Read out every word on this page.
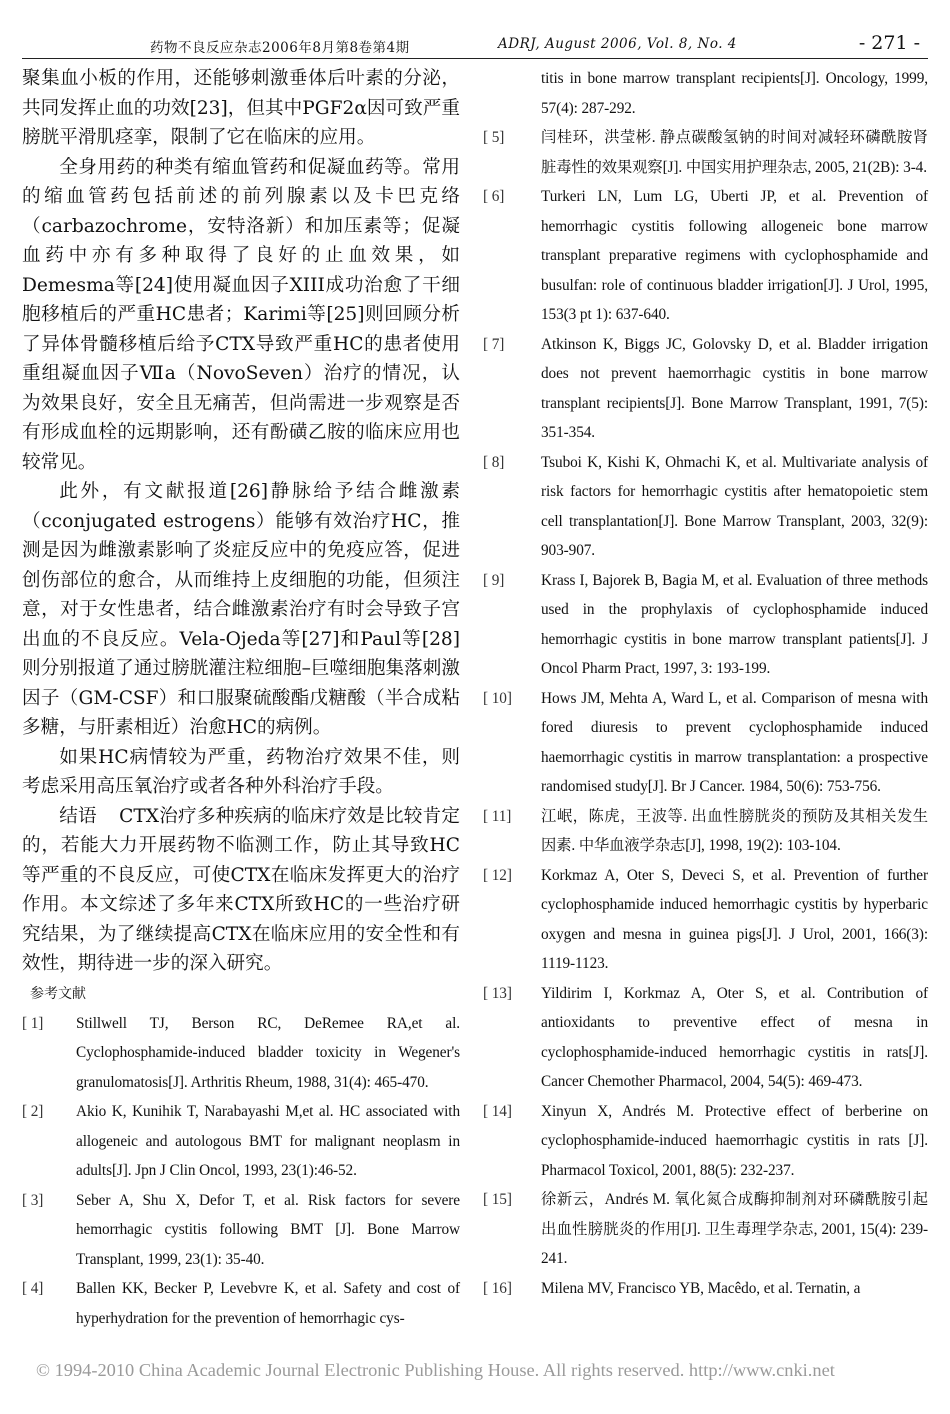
药物不良反应杂志2006年8月第8卷第4期	ADRJ, August 2006, Vol. 8, No. 4	- 271 -

聚集血小板的作用，还能够刺激垂体后叶素的分泌，共同发挥止血的功效[23]，但其中PGF2α因可致严重膀胱平滑肌痉挛，限制了它在临床的应用。

全身用药的种类有缩血管药和促凝血药等。常用的缩血管药包括前述的前列腺素以及卡巴克络（carbazochrome，安特洛新）和加压素等；促凝血药中亦有多种取得了良好的止血效果，如Demesma等[24]使用凝血因子XIII成功治愈了干细胞移植后的严重HC患者；Karimi等[25]则回顾分析了异体骨髓移植后给予CTX导致严重HC的患者使用重组凝血因子Ⅶa（NovoSeven）治疗的情况，认为效果良好，安全且无痛苦，但尚需进一步观察是否有形成血栓的远期影响，还有酚磺乙胺的临床应用也较常见。

此外，有文献报道[26]静脉给予结合雌激素（cconjugated estrogens）能够有效治疗HC，推测是因为雌激素影响了炎症反应中的免疫应答，促进创伤部位的愈合，从而维持上皮细胞的功能，但须注意，对于女性患者，结合雌激素治疗有时会导致子宫出血的不良反应。Vela-Ojeda等[27]和Paul等[28]则分别报道了通过膀胱灌注粒细胞–巨噬细胞集落刺激因子（GM-CSF）和口服聚硫酸酯戊糖酸（半合成粘多糖，与肝素相近）治愈HC的病例。

如果HC病情较为严重，药物治疗效果不佳，则考虑采用高压氧治疗或者各种外科治疗手段。

结语 CTX治疗多种疾病的临床疗效是比较肯定的，若能大力开展药物不临测工作，防止其导致HC等严重的不良反应，可使CTX在临床发挥更大的治疗作用。本文综述了多年来CTX所致HC的一些治疗研究结果，为了继续提高CTX在临床应用的安全性和有效性，期待进一步的深入研究。

参考文献
[ 1]	Stillwell TJ, Berson RC, DeRemee RA,et al. Cyclophosphamide-induced bladder toxicity in Wegener's granulomatosis[J]. Arthritis Rheum, 1988, 31(4): 465-470.
[ 2]	Akio K, Kunihik T, Narabayashi M,et al. HC associated with allogeneic and autologous BMT for malignant neoplasm in adults[J]. Jpn J Clin Oncol, 1993, 23(1):46-52.
[ 3]	Seber A, Shu X, Defor T, et al. Risk factors for severe hemorrhagic cystitis following BMT [J]. Bone Marrow Transplant, 1999, 23(1): 35-40.
[ 4]	Ballen KK, Becker P, Levebvre K, et al. Safety and cost of hyperhydration for the prevention of hemorrhagic cys-
titis in bone marrow transplant recipients[J]. Oncology, 1999, 57(4): 287-292.
[ 5]	闫桂环，洪莹彬. 静点碳酸氢钠的时间对减轻环磷酰胺肾脏毒性的效果观察[J]. 中国实用护理杂志, 2005, 21(2B): 3-4.
[ 6]	Turkeri LN, Lum LG, Uberti JP, et al. Prevention of hemorrhagic cystitis following allogeneic bone marrow transplant preparative regimens with cyclophosphamide and busulfan: role of continuous bladder irrigation[J]. J Urol, 1995, 153(3 pt 1): 637-640.
[ 7]	Atkinson K, Biggs JC, Golovsky D, et al. Bladder irrigation does not prevent haemorrhagic cystitis in bone marrow transplant recipients[J]. Bone Marrow Transplant, 1991, 7(5): 351-354.
[ 8]	Tsuboi K, Kishi K, Ohmachi K, et al. Multivariate analysis of risk factors for hemorrhagic cystitis after hematopoietic stem cell transplantation[J]. Bone Marrow Transplant, 2003, 32(9): 903-907.
[ 9]	Krass I, Bajorek B, Bagia M, et al. Evaluation of three methods used in the prophylaxis of cyclophosphamide induced hemorrhagic cystitis in bone marrow transplant patients[J]. J Oncol Pharm Pract, 1997, 3: 193-199.
[ 10]	Hows JM, Mehta A, Ward L, et al. Comparison of mesna with fored diuresis to prevent cyclophosphamide induced haemorrhagic cystitis in marrow transplantation: a prospective randomised study[J]. Br J Cancer. 1984, 50(6): 753-756.
[ 11]	江岷，陈虎，王波等. 出血性膀胱炎的预防及其相关发生因素. 中华血液学杂志[J], 1998, 19(2): 103-104.
[ 12]	Korkmaz A, Oter S, Deveci S, et al. Prevention of further cyclophosphamide induced hemorrhagic cystitis by hyperbaric oxygen and mesna in guinea pigs[J]. J Urol, 2001, 166(3): 1119-1123.
[ 13]	Yildirim I, Korkmaz A, Oter S, et al. Contribution of antioxidants to preventive effect of mesna in cyclophosphamide-induced hemorrhagic cystitis in rats[J]. Cancer Chemother Pharmacol, 2004, 54(5): 469-473.
[ 14]	Xinyun X, Andrés M. Protective effect of berberine on cyclophosphamide-induced haemorrhagic cystitis in rats [J]. Pharmacol Toxicol, 2001, 88(5): 232-237.
[ 15]	徐新云，Andrés M. 氧化氮合成酶抑制剂对环磷酰胺引起出血性膀胱炎的作用[J]. 卫生毒理学杂志, 2001, 15(4): 239-241.
[ 16]	Milena MV, Francisco YB, Macêdo, et al. Ternatin, a
© 1994-2010 China Academic Journal Electronic Publishing House. All rights reserved. http://www.cnki.net
